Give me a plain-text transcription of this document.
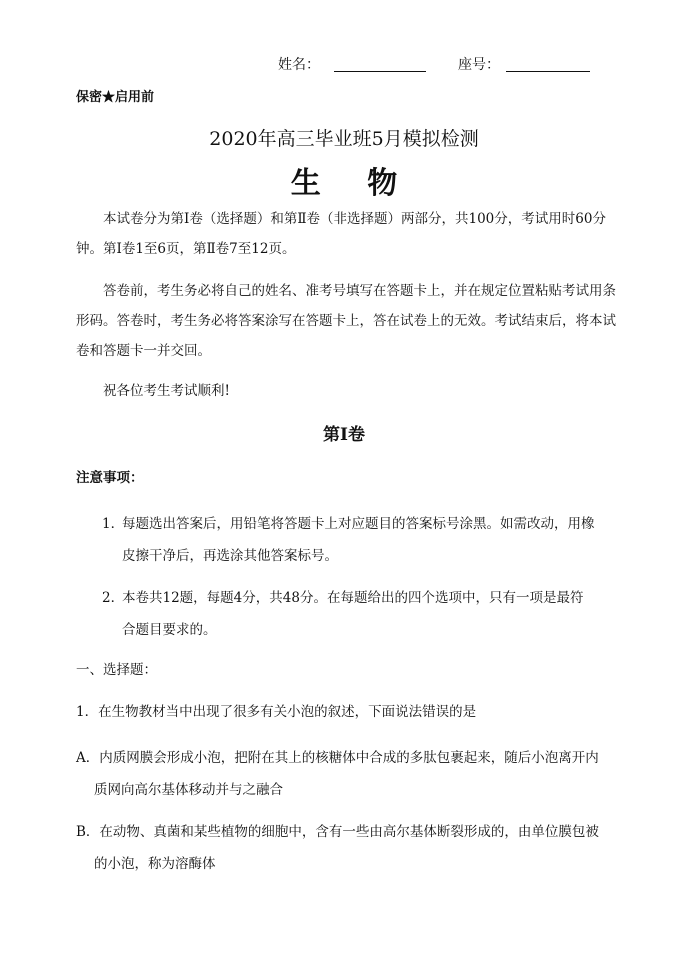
姓名：	座号：
保密★启用前
2020年高三毕业班5月模拟检测
生 物
本试卷分为第Ⅰ卷（选择题）和第Ⅱ卷（非选择题）两部分，共100分，考试用时60分钟。第Ⅰ卷1至6页，第Ⅱ卷7至12页。
答卷前，考生务必将自己的姓名、准考号填写在答题卡上，并在规定位置粘贴考试用条形码。答卷时，考生务必将答案涂写在答题卡上，答在试卷上的无效。考试结束后，将本试卷和答题卡一并交回。
祝各位考生考试顺利!
第Ⅰ卷
注意事项：
1．每题选出答案后，用铅笔将答题卡上对应题目的答案标号涂黑。如需改动，用橡
皮擦干净后，再选涂其他答案标号。
2．本卷共12题，每题4分，共48分。在每题给出的四个选项中，只有一项是最符
合题目要求的。
一、选择题：
1．在生物教材当中出现了很多有关小泡的叙述，下面说法错误的是
A．内质网膜会形成小泡，把附在其上的核糖体中合成的多肽包裹起来，随后小泡离开内
质网向高尔基体移动并与之融合
B．在动物、真菌和某些植物的细胞中，含有一些由高尔基体断裂形成的，由单位膜包被
的小泡，称为溶酶体
